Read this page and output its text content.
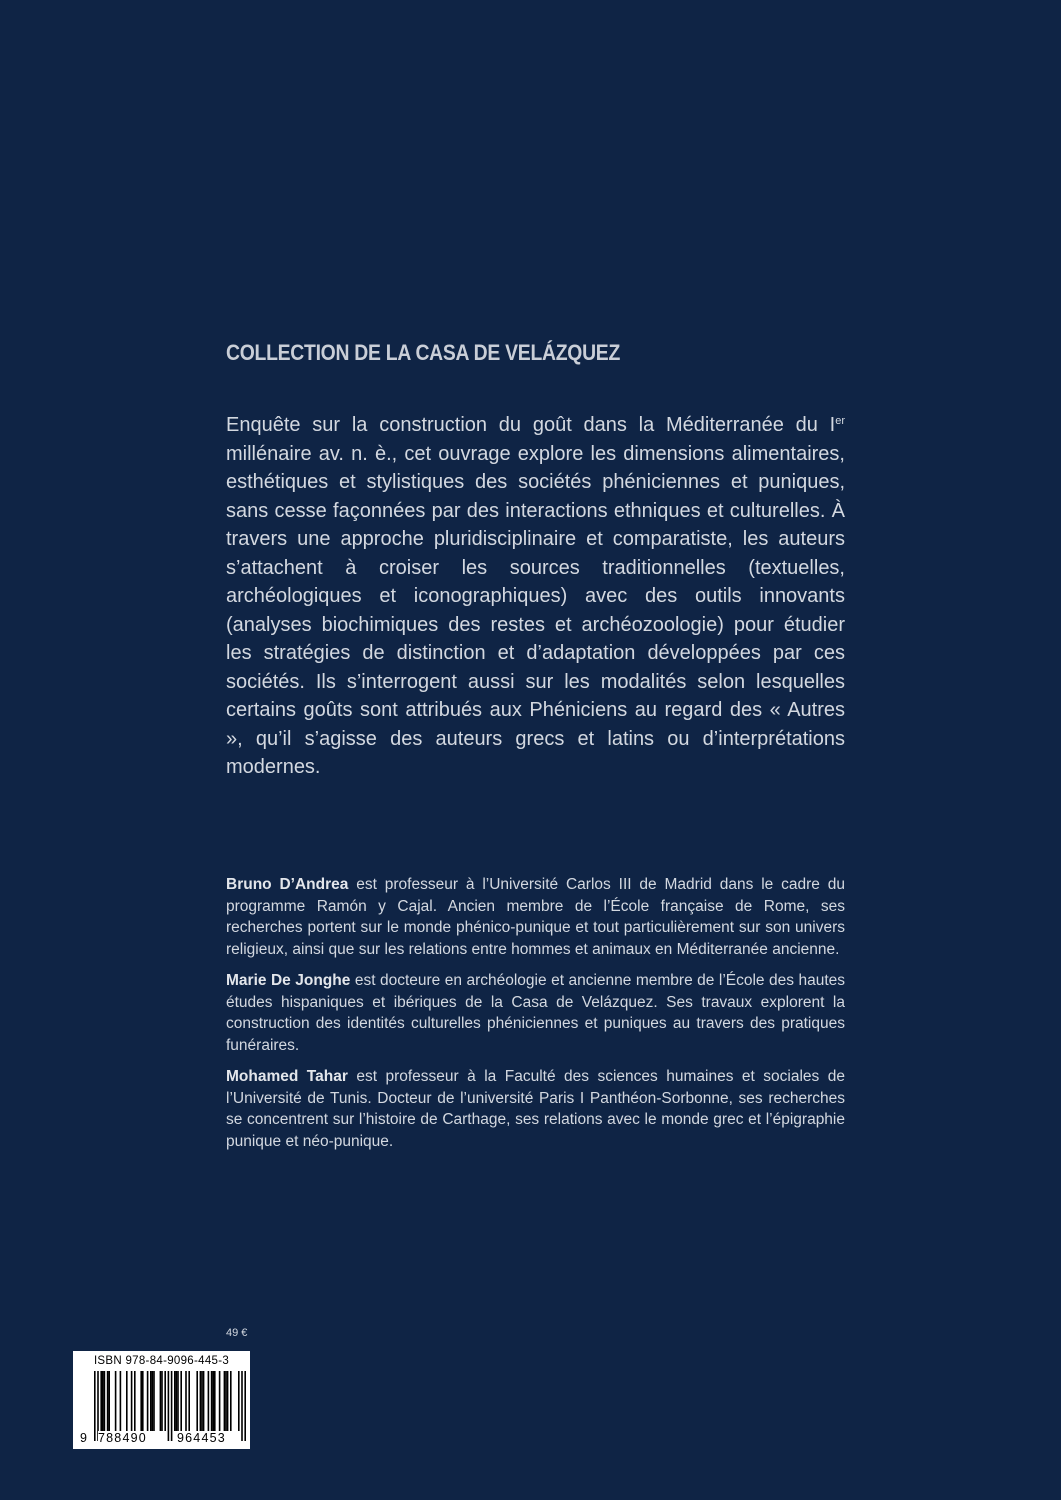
COLLECTION DE LA CASA DE VELÁZQUEZ

Enquête sur la construction du goût dans la Méditerranée du Ier millénaire av. n. è., cet ouvrage explore les dimensions alimentaires, esthétiques et stylistiques des sociétés phéniciennes et puniques, sans cesse façonnées par des interactions ethniques et culturelles. À travers une approche pluridisciplinaire et comparatiste, les auteurs s’attachent à croiser les sources traditionnelles (textuelles, archéologiques et iconographiques) avec des outils innovants (analyses biochimiques des restes et archéozoologie) pour étudier les stratégies de distinction et d’adaptation développées par ces sociétés. Ils s’interrogent aussi sur les modalités selon lesquelles certains goûts sont attribués aux Phéniciens au regard des « Autres », qu’il s’agisse des auteurs grecs et latins ou d’interprétations modernes.

Bruno D’Andrea est professeur à l’Université Carlos III de Madrid dans le cadre du programme Ramón y Cajal. Ancien membre de l’École française de Rome, ses recherches portent sur le monde phénico-punique et tout particulièrement sur son univers religieux, ainsi que sur les relations entre hommes et animaux en Méditerranée ancienne.

Marie De Jonghe est docteure en archéologie et ancienne membre de l’École des hautes études hispaniques et ibériques de la Casa de Velázquez. Ses travaux explorent la construction des identités culturelles phéniciennes et puniques au travers des pratiques funéraires.

Mohamed Tahar est professeur à la Faculté des sciences humaines et sociales de l’Université de Tunis. Docteur de l’université Paris I Panthéon-Sorbonne, ses recherches se concentrent sur l’histoire de Carthage, ses relations avec le monde grec et l’épigraphie punique et néo-punique.

49 €
ISBN 978-84-9096-445-3
9 788490 964453
